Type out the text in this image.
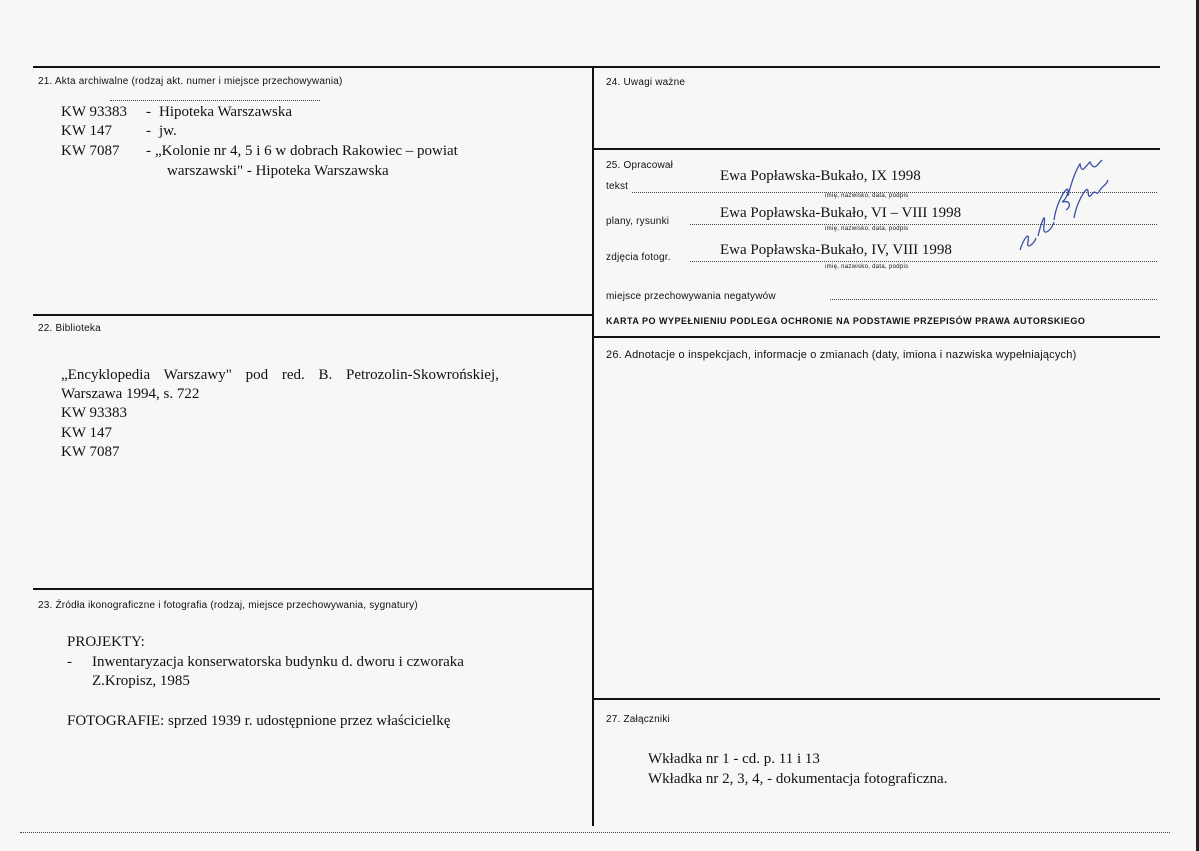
21. Akta archiwalne (rodzaj akt. numer i miejsce przechowywania)
KW 93383 - Hipoteka Warszawska
KW 147 - jw.
KW 7087 - „Kolonie nr 4, 5 i 6 w dobrach Rakowiec – powiat
warszawski" - Hipoteka Warszawska
22. Biblioteka
„Encyklopedia Warszawy" pod red. B. Petrozolin-Skowrońskiej,
Warszawa 1994, s. 722
KW 93383
KW 147
KW 7087
23. Źródła ikonograficzne i fotografia (rodzaj, miejsce przechowywania, sygnatury)
PROJEKTY:
- Inwentaryzacja konserwatorska budynku d. dworu i czworaka
Z.Kropisz, 1985
FOTOGRAFIE: sprzed 1939 r. udostępnione przez właścicielkę
24. Uwagi ważne
25. Opracował
tekst
Ewa Popławska-Bukało, IX 1998
imię, nazwisko, data, podpis
plany, rysunki
Ewa Popławska-Bukało, VI – VIII 1998
imię, nazwisko, data, podpis
zdjęcia fotogr.	Ewa Popławska-Bukało, IV, VIII 1998
imię, nazwisko, data, podpis
miejsce przechowywania negatywów
KARTA PO WYPEŁNIENIU PODLEGA OCHRONIE NA PODSTAWIE PRZEPISÓW PRAWA AUTORSKIEGO
26. Adnotacje o inspekcjach, informacje o zmianach (daty, imiona i nazwiska wypełniających)
27. Załączniki
Wkładka nr 1 - cd. p. 11 i 13
Wkładka nr 2, 3, 4, - dokumentacja fotograficzna.
